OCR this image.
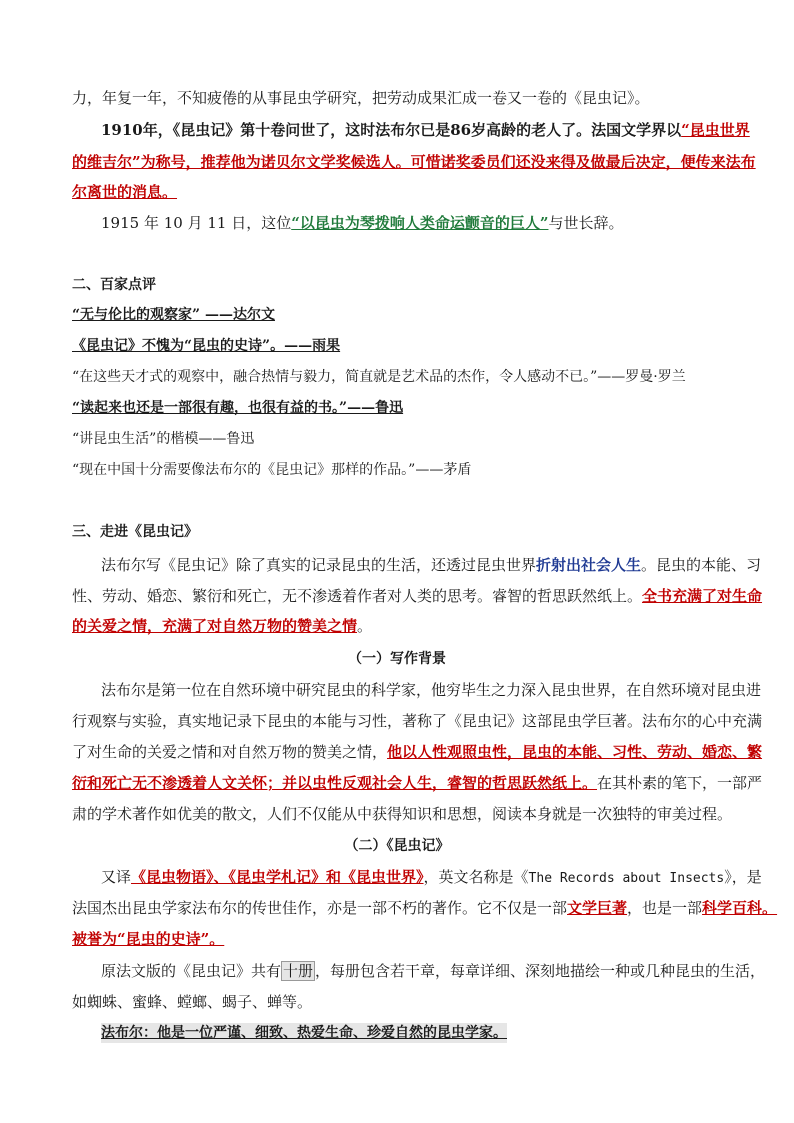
力，年复一年，不知疲倦的从事昆虫学研究，把劳动成果汇成一卷又一卷的《昆虫记》。
1910年，《昆虫记》第十卷问世了，这时法布尔已是86岁高龄的老人了。法国文学界以“昆虫世界
的维吉尔”为称号，推荐他为诺贝尔文学奖候选人。可惜诺奖委员们还没来得及做最后决定，便传来法布
尔离世的消息。
1915 年 10 月 11 日，这位“以昆虫为琴拨响人类命运颤音的巨人”与世长辞。
二、百家点评
“无与伦比的观察家” ——达尔文
《昆虫记》不愧为“昆虫的史诗”。——雨果
“在这些天才式的观察中，融合热情与毅力，简直就是艺术品的杰作，令人感动不已。”——罗曼·罗兰
“读起来也还是一部很有趣，也很有益的书。”——鲁迅
“讲昆虫生活”的楷模——鲁迅
“现在中国十分需要像法布尔的《昆虫记》那样的作品。”——茅盾
三、走进《昆虫记》
法布尔写《昆虫记》除了真实的记录昆虫的生活，还透过昆虫世界折射出社会人生。昆虫的本能、习
性、劳动、婚恋、繁衍和死亡，无不渗透着作者对人类的思考。睿智的哲思跃然纸上。全书充满了对生命
的关爱之情，充满了对自然万物的赞美之情。
（一）写作背景
法布尔是第一位在自然环境中研究昆虫的科学家，他穷毕生之力深入昆虫世界，在自然环境对昆虫进
行观察与实验，真实地记录下昆虫的本能与习性，著称了《昆虫记》这部昆虫学巨著。法布尔的心中充满
了对生命的关爱之情和对自然万物的赞美之情，他以人性观照虫性，昆虫的本能、习性、劳动、婚恋、繁
衍和死亡无不渗透着人文关怀；并以虫性反观社会人生，睿智的哲思跃然纸上。在其朴素的笔下，一部严
肃的学术著作如优美的散文，人们不仅能从中获得知识和思想，阅读本身就是一次独特的审美过程。
（二）《昆虫记》
又译《昆虫物语》、《昆虫学札记》和《昆虫世界》，英文名称是《The Records about Insects》，是
法国杰出昆虫学家法布尔的传世佳作，亦是一部不朽的著作。它不仅是一部文学巨著，也是一部科学百科。
被誉为“昆虫的史诗”。
原法文版的《昆虫记》共有 十册 ，每册包含若干章，每章详细、深刻地描绘一种或几种昆虫的生活，
如蜘蛛、蜜蜂、螳螂、蝎子、蝉等。
法布尔：他是一位严谨、细致、热爱生命、珍爱自然的昆虫学家。
